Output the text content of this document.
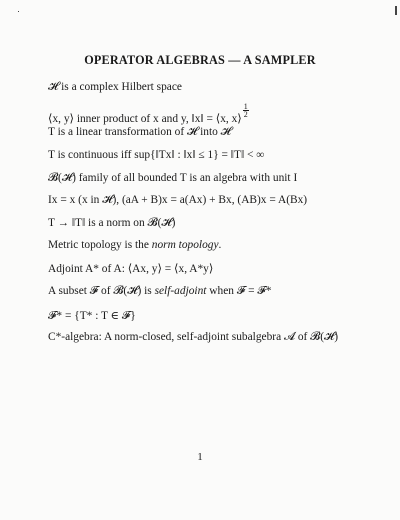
OPERATOR ALGEBRAS — A SAMPLER
𝓗 is a complex Hilbert space
⟨x, y⟩ inner product of x and y, ‖x‖ = ⟨x, x⟩
$\frac{1}{2}$
T is a linear transformation of 𝓗 into 𝓗
T is continuous iff sup{‖Tx‖ : ‖x‖ ≤ 1} = ‖T‖ < ∞
𝓑(𝓗) family of all bounded T is an algebra with unit I
Ix = x (x in 𝓗), (aA + B)x = a(Ax) + Bx, (AB)x = A(Bx)
T → ‖T‖ is a norm on 𝓑(𝓗)
Metric topology is the norm topology.
Adjoint A* of A: ⟨Ax, y⟩ = ⟨x, A*y⟩
A subset 𝓕 of 𝓑(𝓗) is self-adjoint when 𝓕 = 𝓕*
𝓕* = {T* : T ∈ 𝓕}
C*-algebra: A norm-closed, self-adjoint subalgebra 𝓐 of 𝓑(𝓗)
1
